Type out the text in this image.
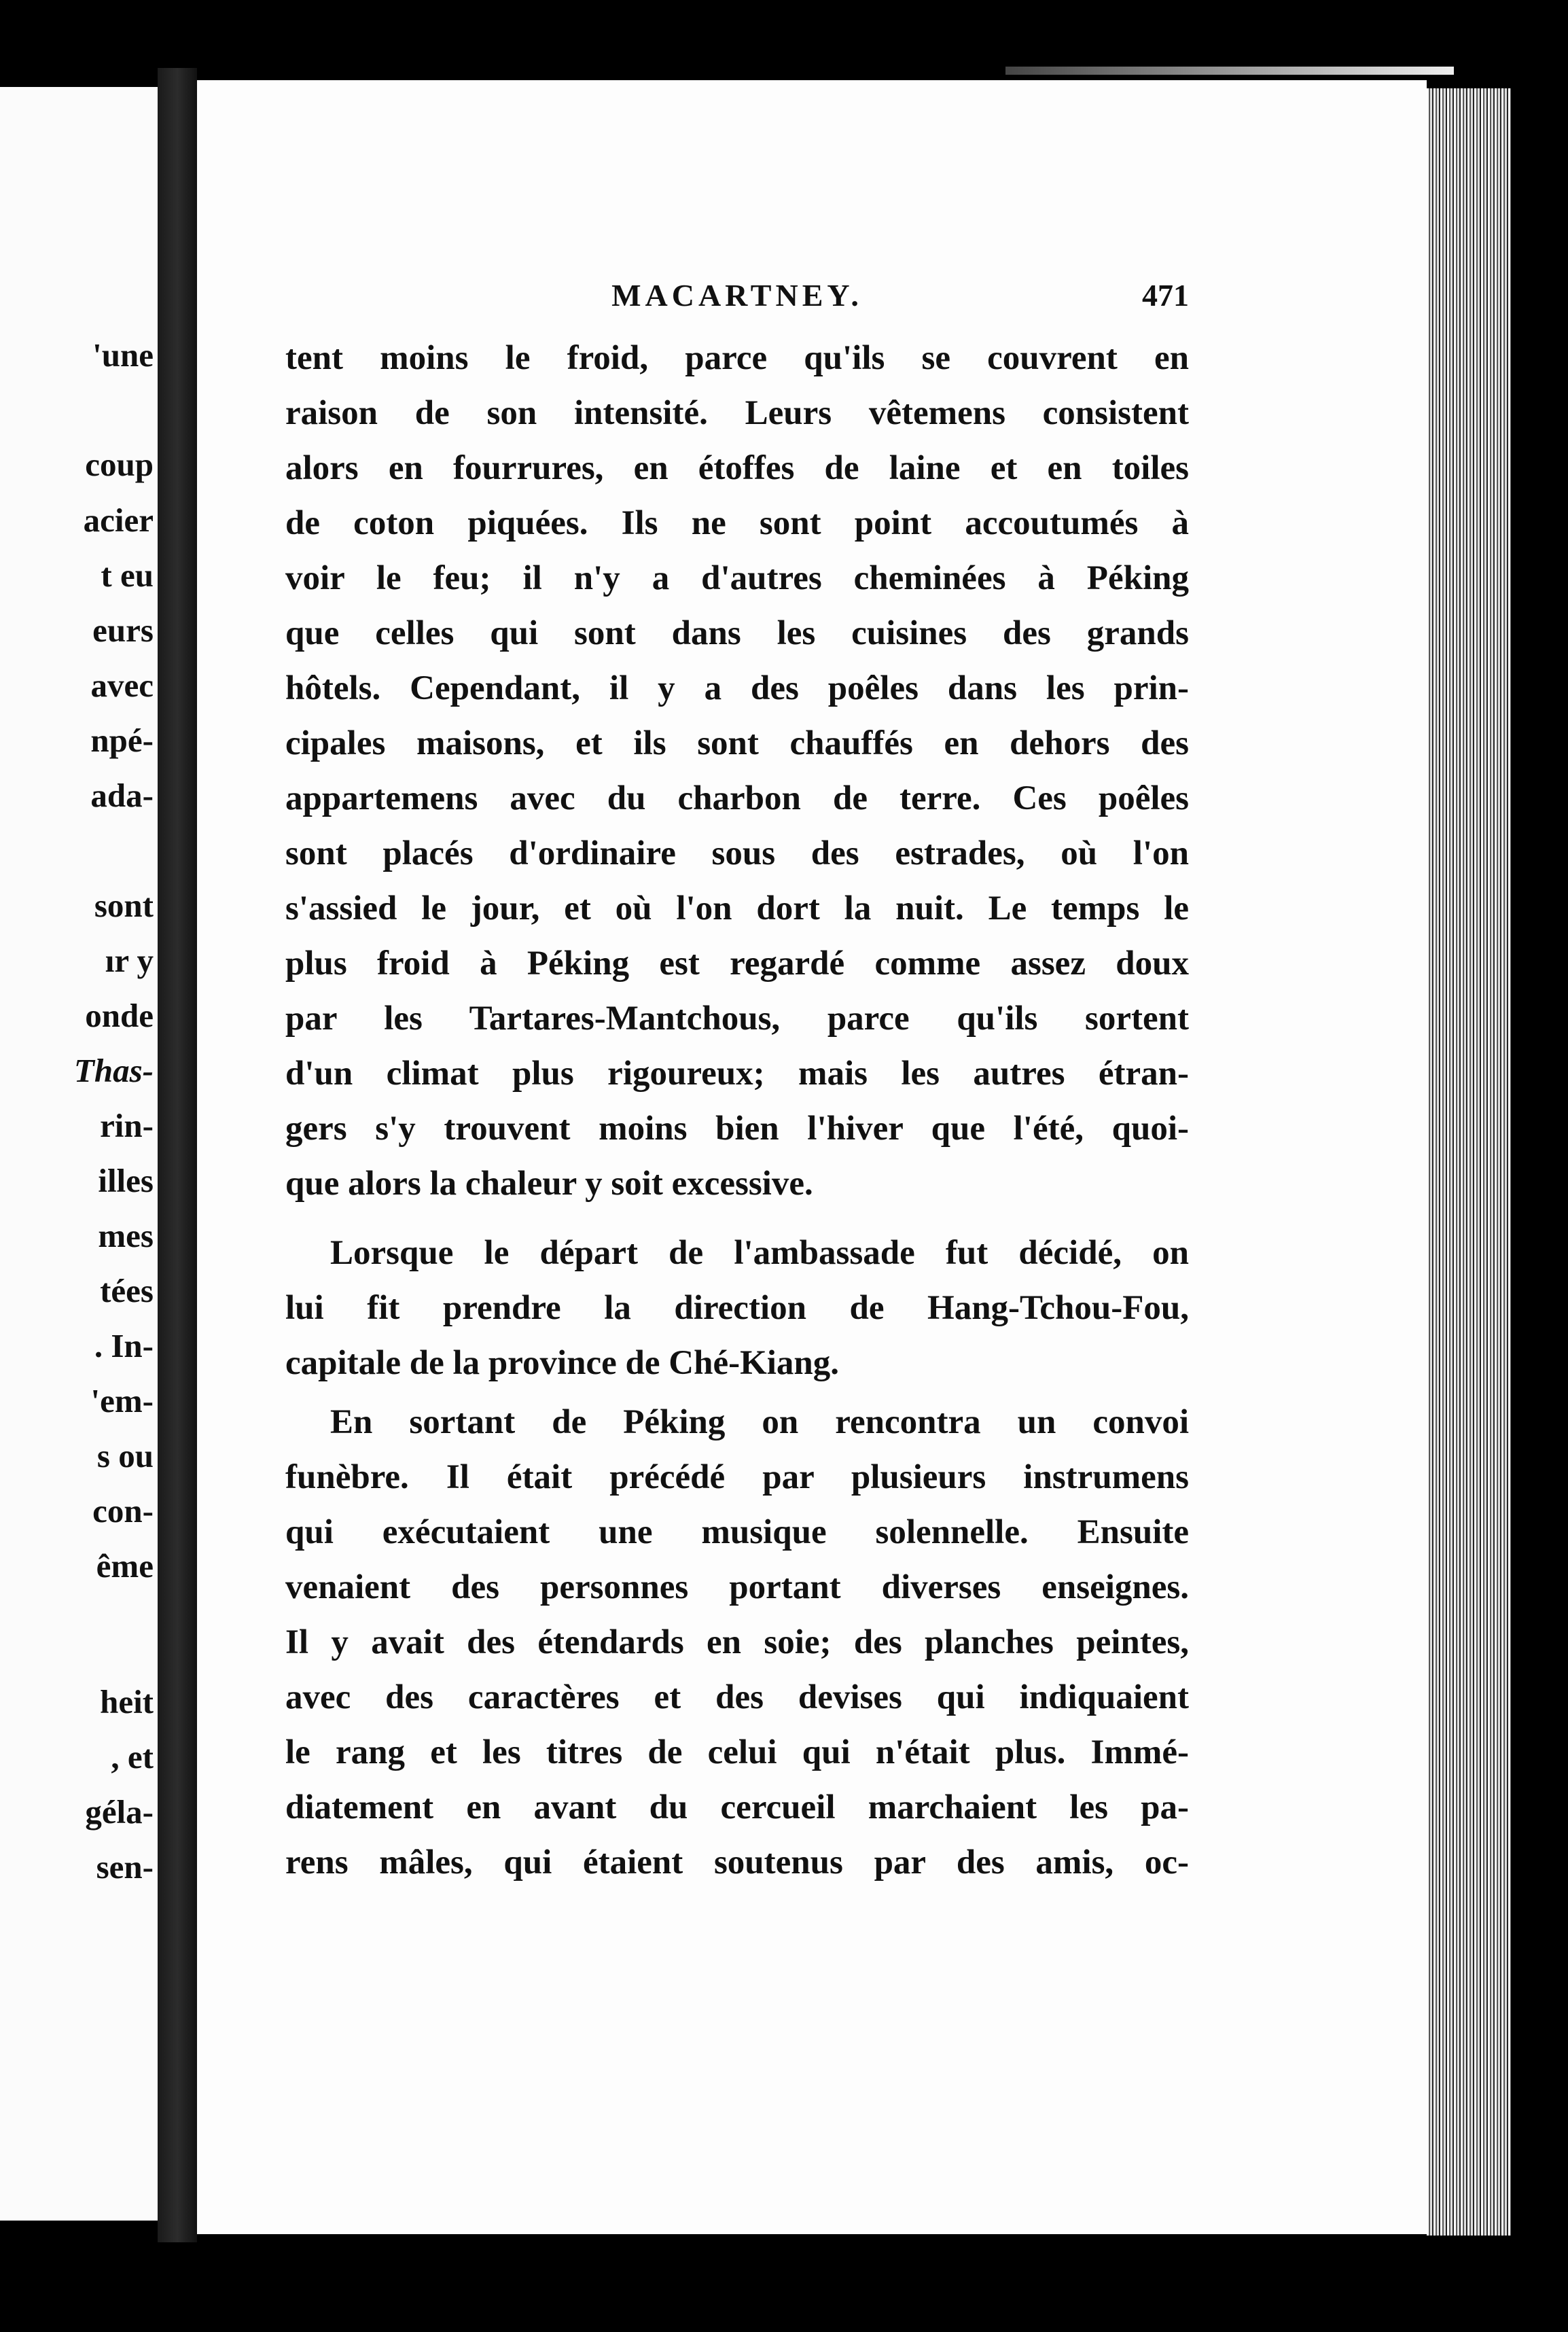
'une
coup
acier
t eu
eurs
avec
npé-
ada-
sont
ır y
onde
Thas-
rin-
illes
mes
tées
. In-
'em-
s ou
con-
ême
heit
, et
géla-
sen-
MACARTNEY.	471
tent moins le froid, parce qu'ils se couvrent en
raison de son intensité. Leurs vêtemens consistent
alors en fourrures, en étoffes de laine et en toiles
de coton piquées. Ils ne sont point accoutumés à
voir le feu; il n'y a d'autres cheminées à Péking
que celles qui sont dans les cuisines des grands
hôtels. Cependant, il y a des poêles dans les prin-
cipales maisons, et ils sont chauffés en dehors des
appartemens avec du charbon de terre. Ces poêles
sont placés d'ordinaire sous des estrades, où l'on
s'assied le jour, et où l'on dort la nuit. Le temps le
plus froid à Péking est regardé comme assez doux
par les Tartares-Mantchous, parce qu'ils sortent
d'un climat plus rigoureux; mais les autres étran-
gers s'y trouvent moins bien l'hiver que l'été, quoi-
que alors la chaleur y soit excessive.
Lorsque le départ de l'ambassade fut décidé, on
lui fit prendre la direction de Hang-Tchou-Fou,
capitale de la province de Ché-Kiang.
En sortant de Péking on rencontra un convoi
funèbre. Il était précédé par plusieurs instrumens
qui exécutaient une musique solennelle. Ensuite
venaient des personnes portant diverses enseignes.
Il y avait des étendards en soie; des planches peintes,
avec des caractères et des devises qui indiquaient
le rang et les titres de celui qui n'était plus. Immé-
diatement en avant du cercueil marchaient les pa-
rens mâles, qui étaient soutenus par des amis, oc-
